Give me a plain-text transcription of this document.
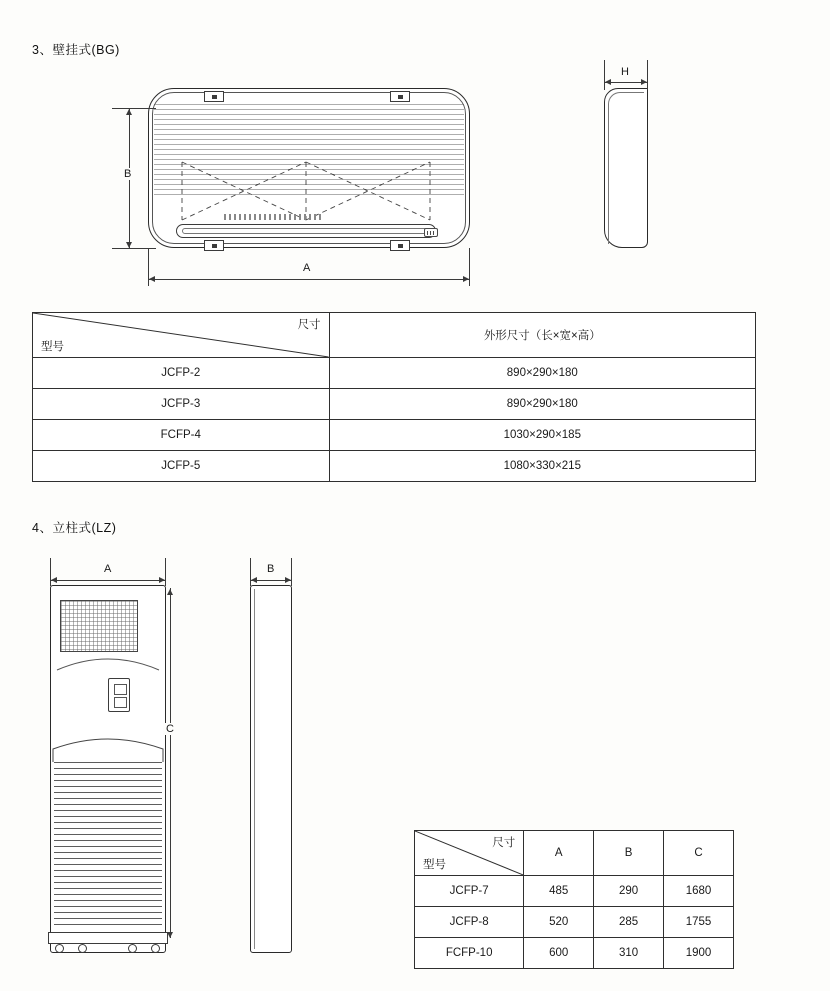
3、壁挂式(BG)
A
B
H
尺寸
型号	外形尺寸（长×宽×高）
JCFP-2	890×290×180
JCFP-3	890×290×180
FCFP-4	1030×290×185
JCFP-5	1080×330×215
4、立柱式(LZ)
A
C
B
尺寸
型号	A	B	C
JCFP-7	485	290	1680
JCFP-8	520	285	1755
FCFP-10	600	310	1900
